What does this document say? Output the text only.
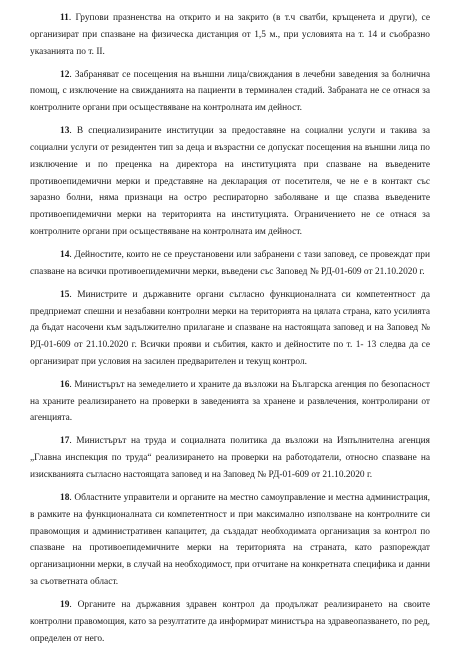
11. Групови празненства на открито и на закрито (в т.ч сватби, кръщенета и други), се организират при спазване на физическа дистанция от 1,5 м., при условията на т. 14 и съобразно указанията по т. II.

12. Забраняват се посещения на външни лица/свиждания в лечебни заведения за болнична помощ, с изключение на свижданията на пациенти в терминален стадий. Забраната не се отнася за контролните органи при осъществяване на контролната им дейност.

13. В специализираните институции за предоставяне на социални услуги и такива за социални услуги от резидентен тип за деца и възрастни се допускат посещения на външни лица по изключение и по преценка на директора на институцията при спазване на въведените противоепидемични мерки и представяне на декларация от посетителя, че не е в контакт със заразно болни, няма признаци на остро респираторно заболяване и ще спазва въведените противоепидемични мерки на територията на институцията. Ограничението не се отнася за контролните органи при осъществяване на контролната им дейност.

14. Дейностите, които не се преустановени или забранени с тази заповед, се провеждат при спазване на всички противоепидемични мерки, въведени със Заповед № РД-01-609 от 21.10.2020 г.

15. Министрите и държавните органи съгласно функционалната си компетентност да предприемат спешни и незабавни контролни мерки на територията на цялата страна, като усилията да бъдат насочени към задължително прилагане и спазване на настоящата заповед и на Заповед № РД-01-609 от 21.10.2020 г. Всички прояви и събития, както и дейностите по т. 1- 13 следва да се организират при условия на засилен предварителен и текущ контрол.

16. Министърът на земеделието и храните да възложи на Българска агенция по безопасност на храните реализирането на проверки в заведенията за хранене и развлечения, контролирани от агенцията.

17. Министърът на труда и социалната политика да възложи на Изпълнителна агенция „Главна инспекция по труда“ реализирането на проверки на работодатели, относно спазване на изискванията съгласно настоящата заповед и на Заповед № РД-01-609 от 21.10.2020 г.

18. Областните управители и органите на местно самоуправление и местна администрация, в рамките на функционалната си компетентност и при максимално използване на контролните си правомощия и административен капацитет, да създадат необходимата организация за контрол по спазване на противоепидемичните мерки на територията на страната, като разпореждат организационни мерки, в случай на необходимост, при отчитане на конкретната специфика и данни за съответната област.

19. Органите на държавния здравен контрол да продължат реализирането на своите контролни правомощия, като за резултатите да информират министъра на здравеопазването, по ред, определен от него.
